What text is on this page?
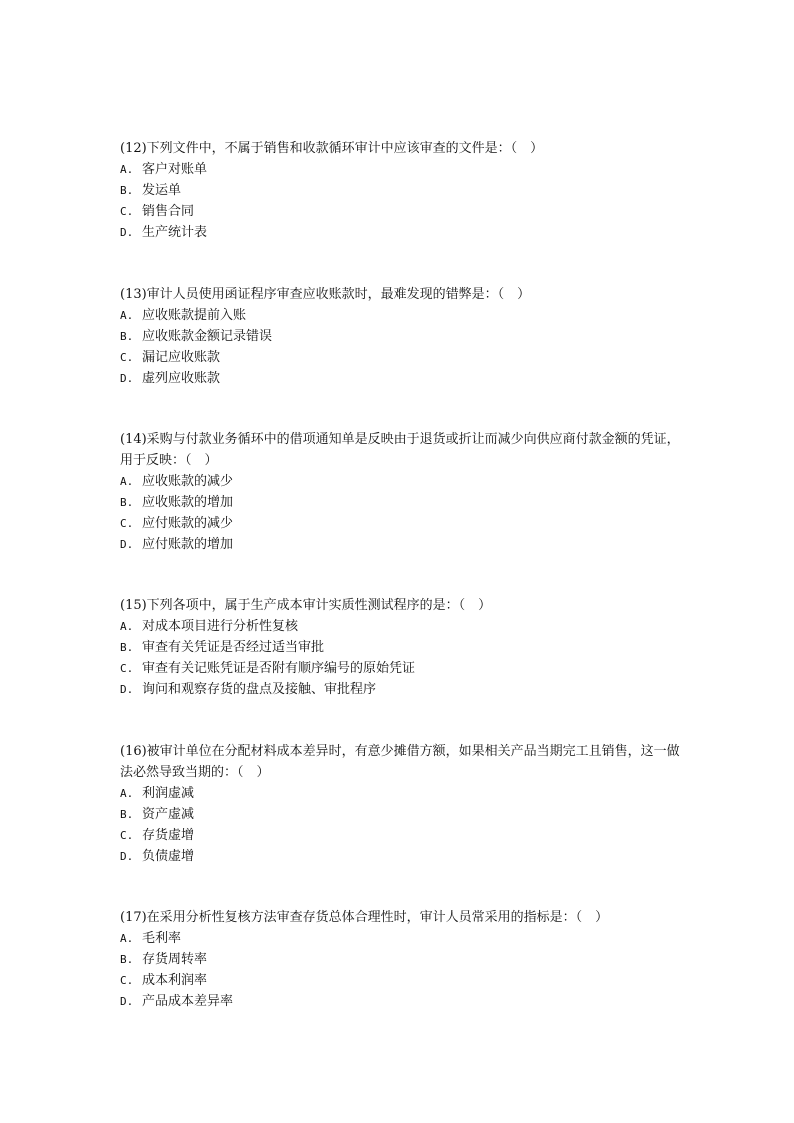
(12)下列文件中，不属于销售和收款循环审计中应该审查的文件是：（　）

A. 客户对账单

B. 发运单

C. 销售合同

D. 生产统计表

(13)审计人员使用函证程序审查应收账款时，最难发现的错弊是：（　）

A. 应收账款提前入账

B. 应收账款金额记录错误

C. 漏记应收账款

D. 虚列应收账款

(14)采购与付款业务循环中的借项通知单是反映由于退货或折让而减少向供应商付款金额的凭证，用于反映：（　）

A. 应收账款的减少

B. 应收账款的增加

C. 应付账款的减少

D. 应付账款的增加

(15)下列各项中，属于生产成本审计实质性测试程序的是：（　）

A. 对成本项目进行分析性复核

B. 审查有关凭证是否经过适当审批

C. 审查有关记账凭证是否附有顺序编号的原始凭证

D. 询问和观察存货的盘点及接触、审批程序

(16)被审计单位在分配材料成本差异时，有意少摊借方额，如果相关产品当期完工且销售，这一做法必然导致当期的：（　）

A. 利润虚减

B. 资产虚减

C. 存货虚增

D. 负债虚增

(17)在采用分析性复核方法审查存货总体合理性时，审计人员常采用的指标是：（　）

A. 毛利率

B. 存货周转率

C. 成本利润率

D. 产品成本差异率
